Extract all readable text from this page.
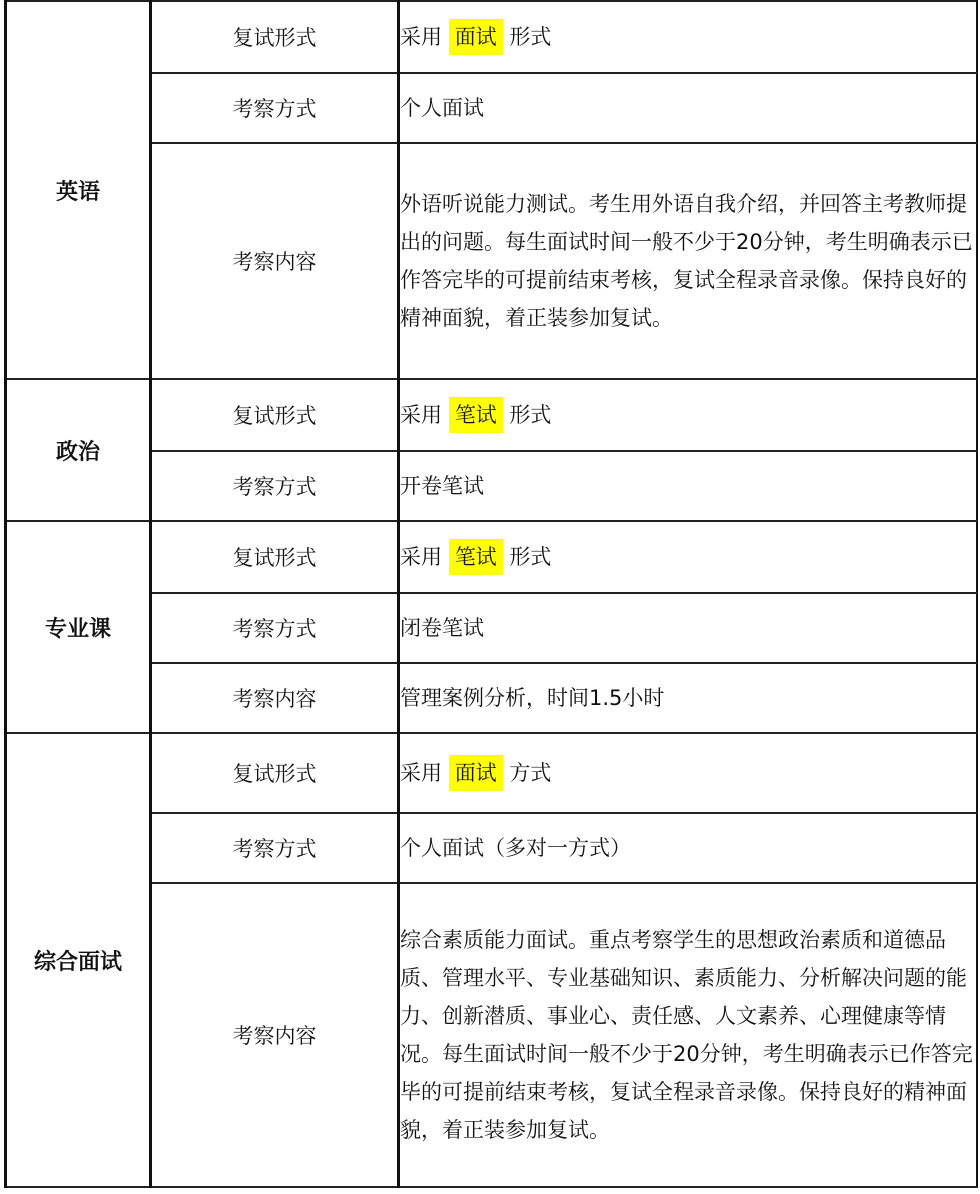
英语	复试形式	采用 面试 形式
	考察方式	个人面试
	考察内容	外语听说能力测试。考生用外语自我介绍，并回答主考教师提出的问题。每生面试时间一般不少于20分钟，考生明确表示已作答完毕的可提前结束考核，复试全程录音录像。保持良好的精神面貌，着正装参加复试。
政治	复试形式	采用 笔试 形式
	考察方式	开卷笔试
专业课	复试形式	采用 笔试 形式
	考察方式	闭卷笔试
	考察内容	管理案例分析，时间1.5小时
综合面试	复试形式	采用 面试 方式
	考察方式	个人面试（多对一方式）
	考察内容	综合素质能力面试。重点考察学生的思想政治素质和道德品质、管理水平、专业基础知识、素质能力、分析解决问题的能力、创新潜质、事业心、责任感、人文素养、心理健康等情况。每生面试时间一般不少于20分钟，考生明确表示已作答完毕的可提前结束考核，复试全程录音录像。保持良好的精神面貌，着正装参加复试。
